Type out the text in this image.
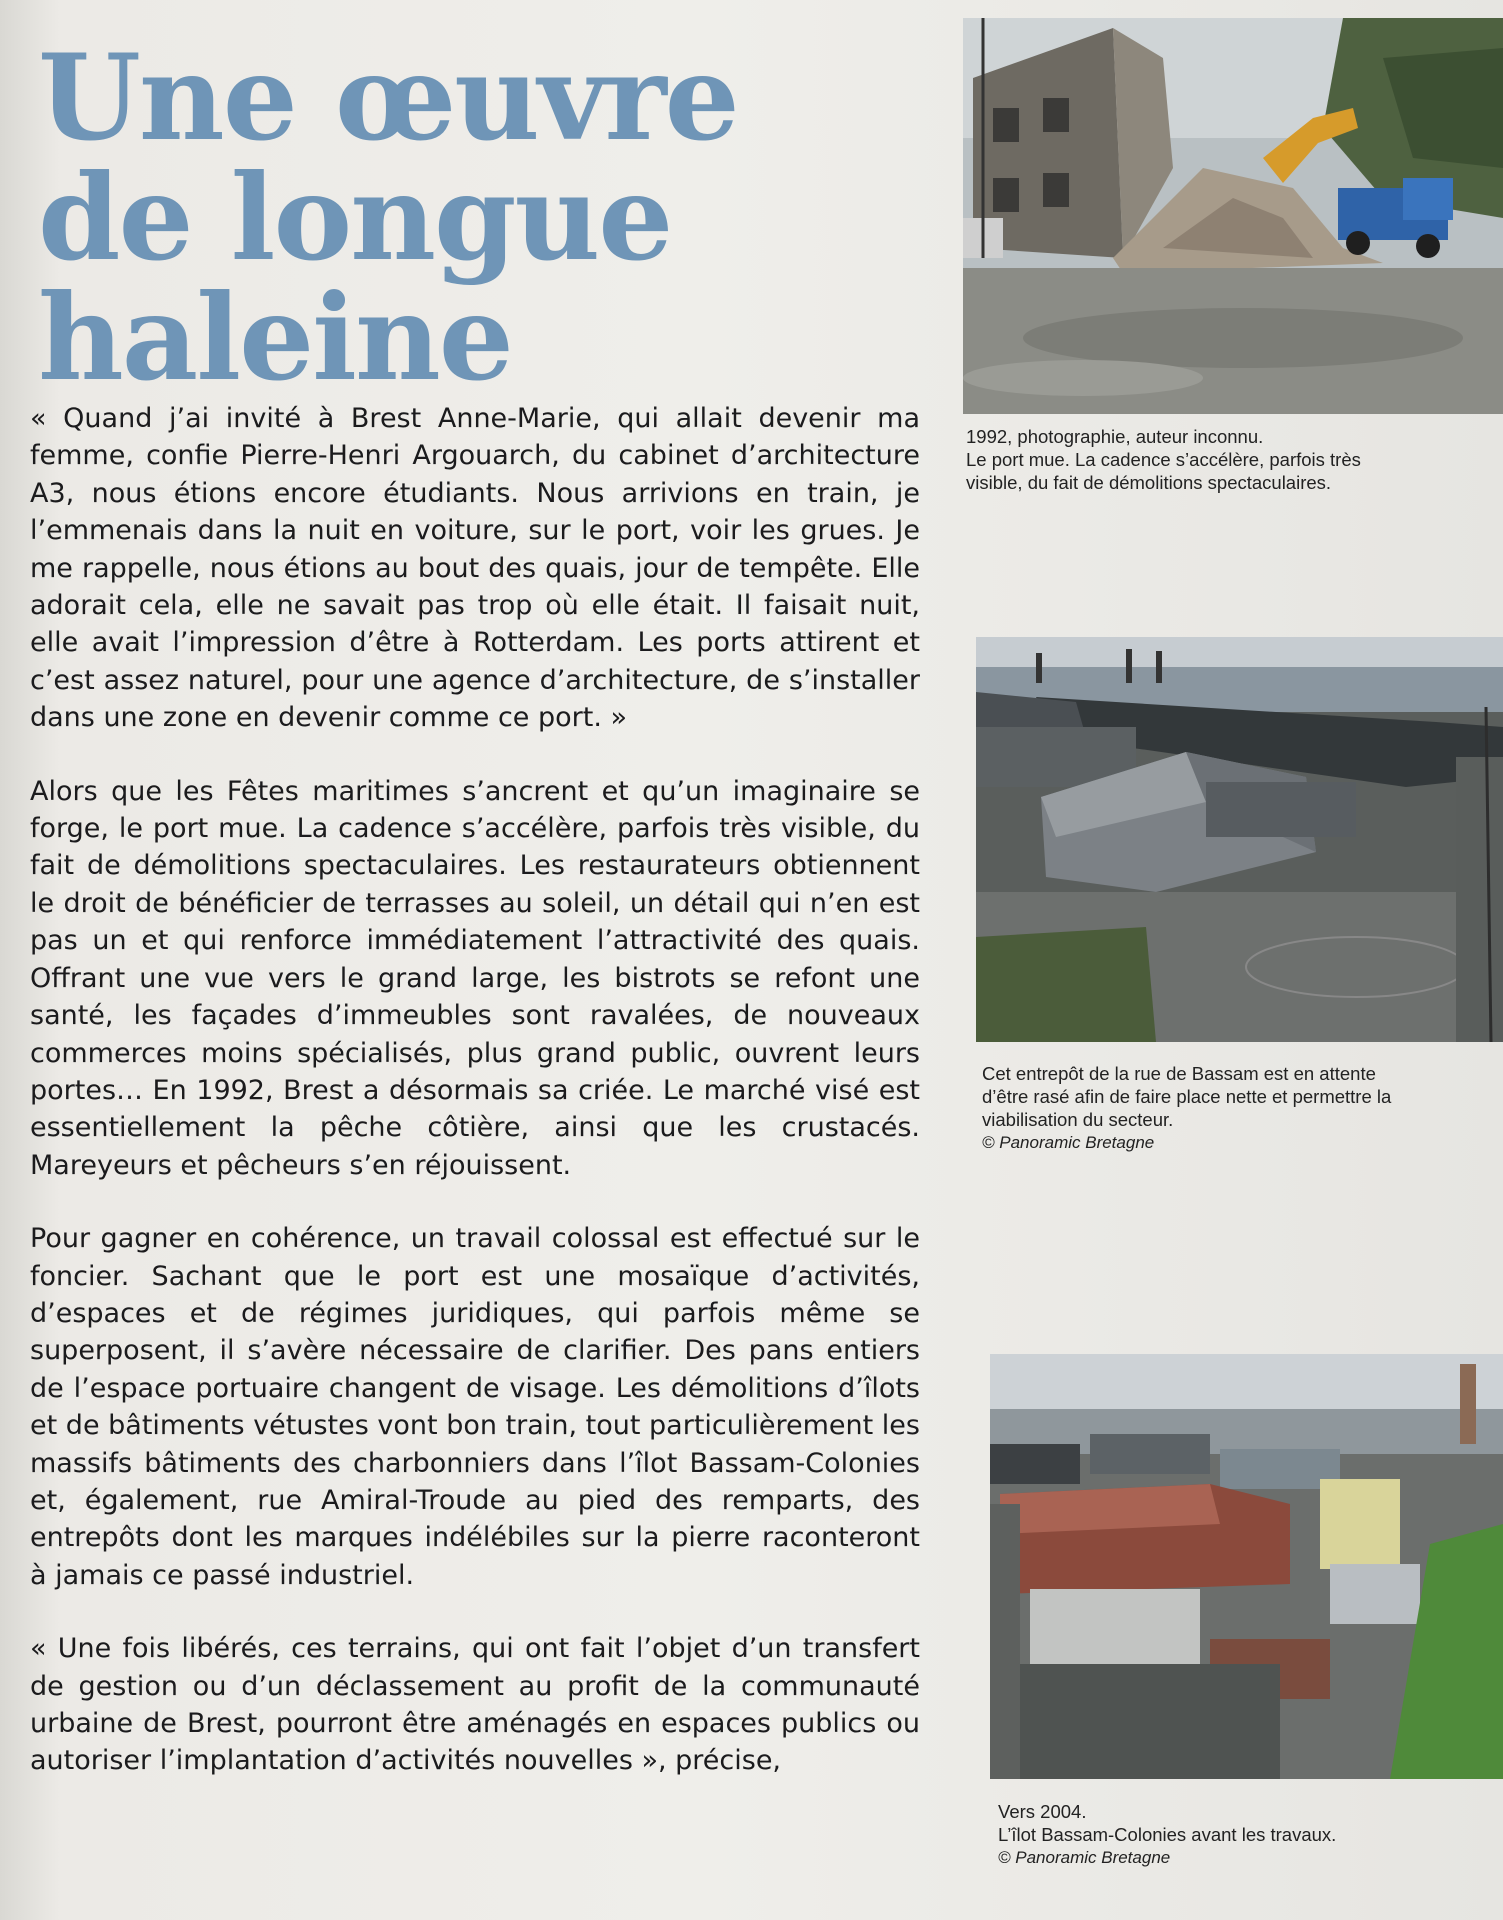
Une œuvre
de longue
haleine

« Quand j’ai invité à Brest Anne-Marie, qui allait devenir ma femme, confie Pierre-Henri Argouarch, du cabinet d’architecture A3, nous étions encore étudiants. Nous arrivions en train, je l’emmenais dans la nuit en voiture, sur le port, voir les grues. Je me rappelle, nous étions au bout des quais, jour de tempête. Elle adorait cela, elle ne savait pas trop où elle était. Il faisait nuit, elle avait l’impression d’être à Rotterdam. Les ports attirent et c’est assez naturel, pour une agence d’architecture, de s’installer dans une zone en devenir comme ce port. »

Alors que les Fêtes maritimes s’ancrent et qu’un imaginaire se forge, le port mue. La cadence s’accélère, parfois très visible, du fait de démolitions spectaculaires. Les restaurateurs obtiennent le droit de bénéficier de terrasses au soleil, un détail qui n’en est pas un et qui renforce immédiatement l’attractivité des quais. Offrant une vue vers le grand large, les bistrots se refont une santé, les façades d’immeubles sont ravalées, de nouveaux commerces moins spécialisés, plus grand public, ouvrent leurs portes… En 1992, Brest a désormais sa criée. Le marché visé est essentiellement la pêche côtière, ainsi que les crustacés. Mareyeurs et pêcheurs s’en réjouissent.

Pour gagner en cohérence, un travail colossal est effectué sur le foncier. Sachant que le port est une mosaïque d’activités, d’espaces et de régimes juridiques, qui parfois même se superposent, il s’avère nécessaire de clarifier. Des pans entiers de l’espace portuaire changent de visage. Les démolitions d’îlots et de bâtiments vétustes vont bon train, tout particulièrement les massifs bâtiments des charbonniers dans l’îlot Bassam-Colonies et, également, rue Amiral-Troude au pied des remparts, des entrepôts dont les marques indélébiles sur la pierre raconteront à jamais ce passé industriel.

« Une fois libérés, ces terrains, qui ont fait l’objet d’un transfert de gestion ou d’un déclassement au profit de la communauté urbaine de Brest, pourront être aménagés en espaces publics ou autoriser l’implantation d’activités nouvelles », précise,

1992, photographie, auteur inconnu.
Le port mue. La cadence s’accélère, parfois très
visible, du fait de démolitions spectaculaires.
Cet entrepôt de la rue de Bassam est en attente
d’être rasé afin de faire place nette et permettre la
viabilisation du secteur.
© Panoramic Bretagne
Vers 2004.
L’îlot Bassam-Colonies avant les travaux.
© Panoramic Bretagne
